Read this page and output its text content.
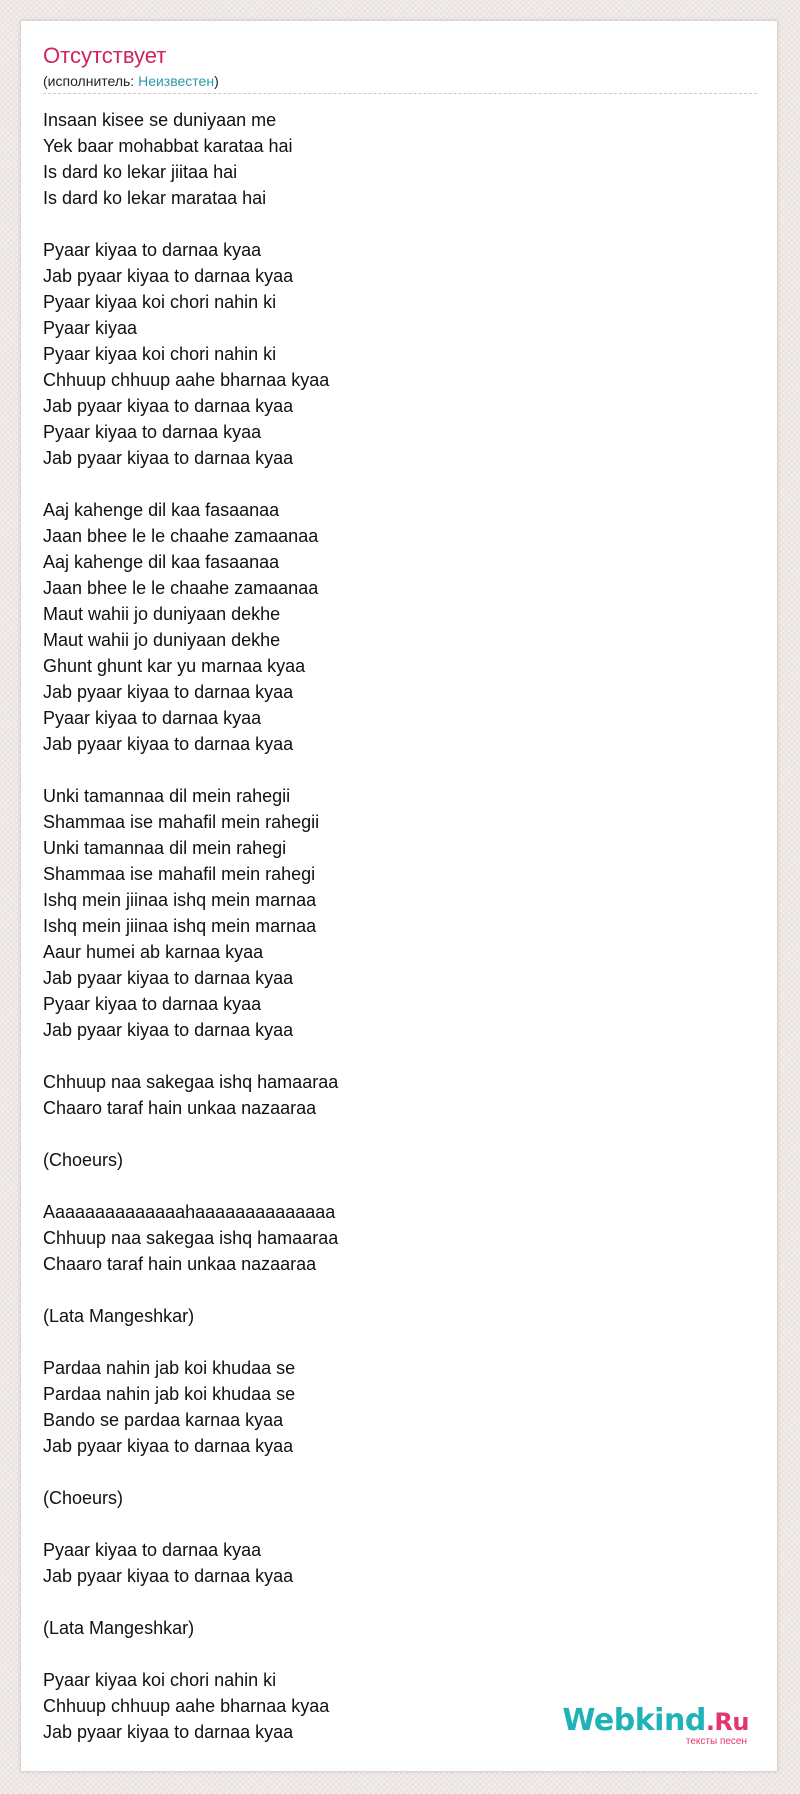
Отсутствует
(исполнитель: Неизвестен)
Insaan kisee se duniyaan me
Yek baar mohabbat karataa hai
Is dard ko lekar jiitaa hai
Is dard ko lekar marataa hai
Pyaar kiyaa to darnaa kyaa
Jab pyaar kiyaa to darnaa kyaa
Pyaar kiyaa koi chori nahin ki
Pyaar kiyaa
Pyaar kiyaa koi chori nahin ki
Chhuup chhuup aahe bharnaa kyaa
Jab pyaar kiyaa to darnaa kyaa
Pyaar kiyaa to darnaa kyaa
Jab pyaar kiyaa to darnaa kyaa
Aaj kahenge dil kaa fasaanaa
Jaan bhee le le chaahe zamaanaa
Aaj kahenge dil kaa fasaanaa
Jaan bhee le le chaahe zamaanaa
Maut wahii jo duniyaan dekhe
Maut wahii jo duniyaan dekhe
Ghunt ghunt kar yu marnaa kyaa
Jab pyaar kiyaa to darnaa kyaa
Pyaar kiyaa to darnaa kyaa
Jab pyaar kiyaa to darnaa kyaa
Unki tamannaa dil mein rahegii
Shammaa ise mahafil mein rahegii
Unki tamannaa dil mein rahegi
Shammaa ise mahafil mein rahegi
Ishq mein jiinaa ishq mein marnaa
Ishq mein jiinaa ishq mein marnaa
Aaur humei ab karnaa kyaa
Jab pyaar kiyaa to darnaa kyaa
Pyaar kiyaa to darnaa kyaa
Jab pyaar kiyaa to darnaa kyaa
Chhuup naa sakegaa ishq hamaaraa
Chaaro taraf hain unkaa nazaaraa
(Choeurs)
Aaaaaaaaaaaaaahaaaaaaaaaaaaaa
Chhuup naa sakegaa ishq hamaaraa
Chaaro taraf hain unkaa nazaaraa
(Lata Mangeshkar)
Pardaa nahin jab koi khudaa se
Pardaa nahin jab koi khudaa se
Bando se pardaa karnaa kyaa
Jab pyaar kiyaa to darnaa kyaa
(Choeurs)
Pyaar kiyaa to darnaa kyaa
Jab pyaar kiyaa to darnaa kyaa
(Lata Mangeshkar)
Pyaar kiyaa koi chori nahin ki
Chhuup chhuup aahe bharnaa kyaa
Jab pyaar kiyaa to darnaa kyaa	Webkind.Ru
тексты песен
